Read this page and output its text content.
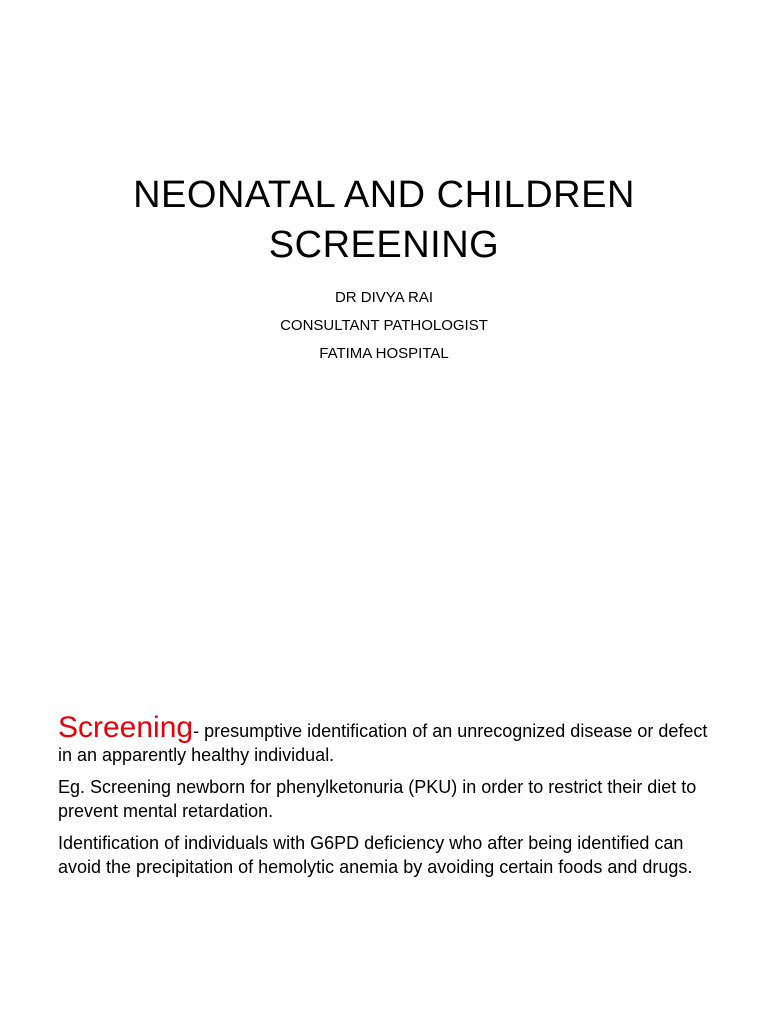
NEONATAL AND CHILDREN
SCREENING
DR DIVYA RAI
CONSULTANT PATHOLOGIST
FATIMA HOSPITAL

Screening- presumptive identification of an unrecognized disease or defect in an apparently healthy individual.

Eg. Screening newborn for phenylketonuria (PKU) in order to restrict their diet to prevent mental retardation.

Identification of individuals with G6PD deficiency who after being identified can avoid the precipitation of hemolytic anemia by avoiding certain foods and drugs.
